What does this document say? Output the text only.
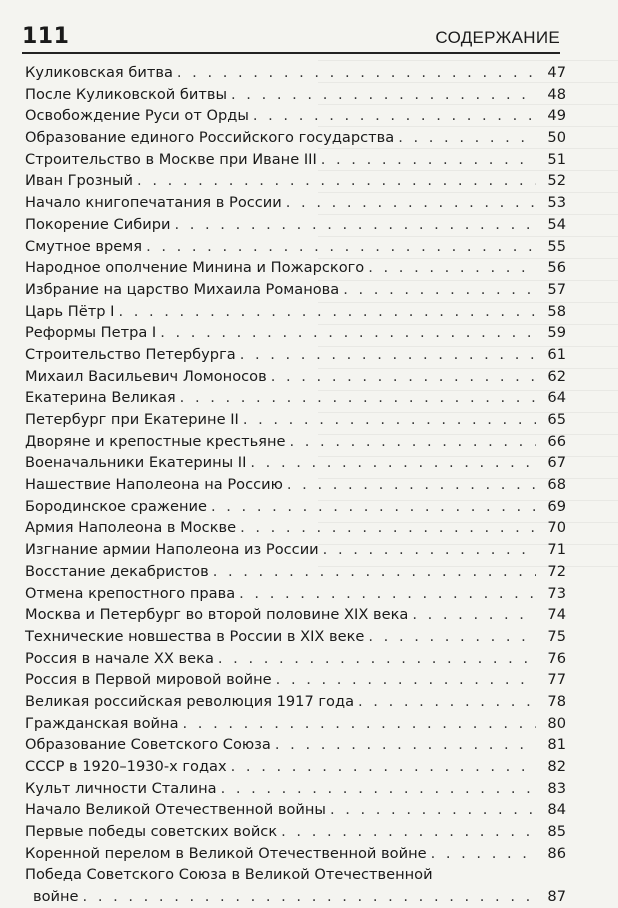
111	СОДЕРЖАНИЕ
Куликовская битва . . .	47
После Куликовской битвы . . .	48
Освобождение Руси от Орды . . .	49
Образование единого Российского государства . . .	50
Строительство в Москве при Иване III . . .	51
Иван Грозный . . .	52
Начало книгопечатания в России . . .	53
Покорение Сибири . . .	54
Смутное время . . .	55
Народное ополчение Минина и Пожарского . . .	56
Избрание на царство Михаила Романова . . .	57
Царь Пётр I . . .	58
Реформы Петра I . . .	59
Строительство Петербурга . . .	61
Михаил Васильевич Ломоносов . . .	62
Екатерина Великая . . .	64
Петербург при Екатерине II . . .	65
Дворяне и крепостные крестьяне . . .	66
Военачальники Екатерины II . . .	67
Нашествие Наполеона на Россию . . .	68
Бородинское сражение . . .	69
Армия Наполеона в Москве . . .	70
Изгнание армии Наполеона из России . . .	71
Восстание декабристов . . .	72
Отмена крепостного права . . .	73
Москва и Петербург во второй половине XIX века . . .	74
Технические новшества в России в XIX веке . . .	75
Россия в начале XX века . . .	76
Россия в Первой мировой войне . . .	77
Великая российская революция 1917 года . . .	78
Гражданская война . . .	80
Образование Советского Союза . . .	81
СССР в 1920–1930-х годах . . .	82
Культ личности Сталина . . .	83
Начало Великой Отечественной войны . . .	84
Первые победы советских войск . . .	85
Коренной перелом в Великой Отечественной войне . . .	86
Победа Советского Союза в Великой Отечественной
войне . . .	87
